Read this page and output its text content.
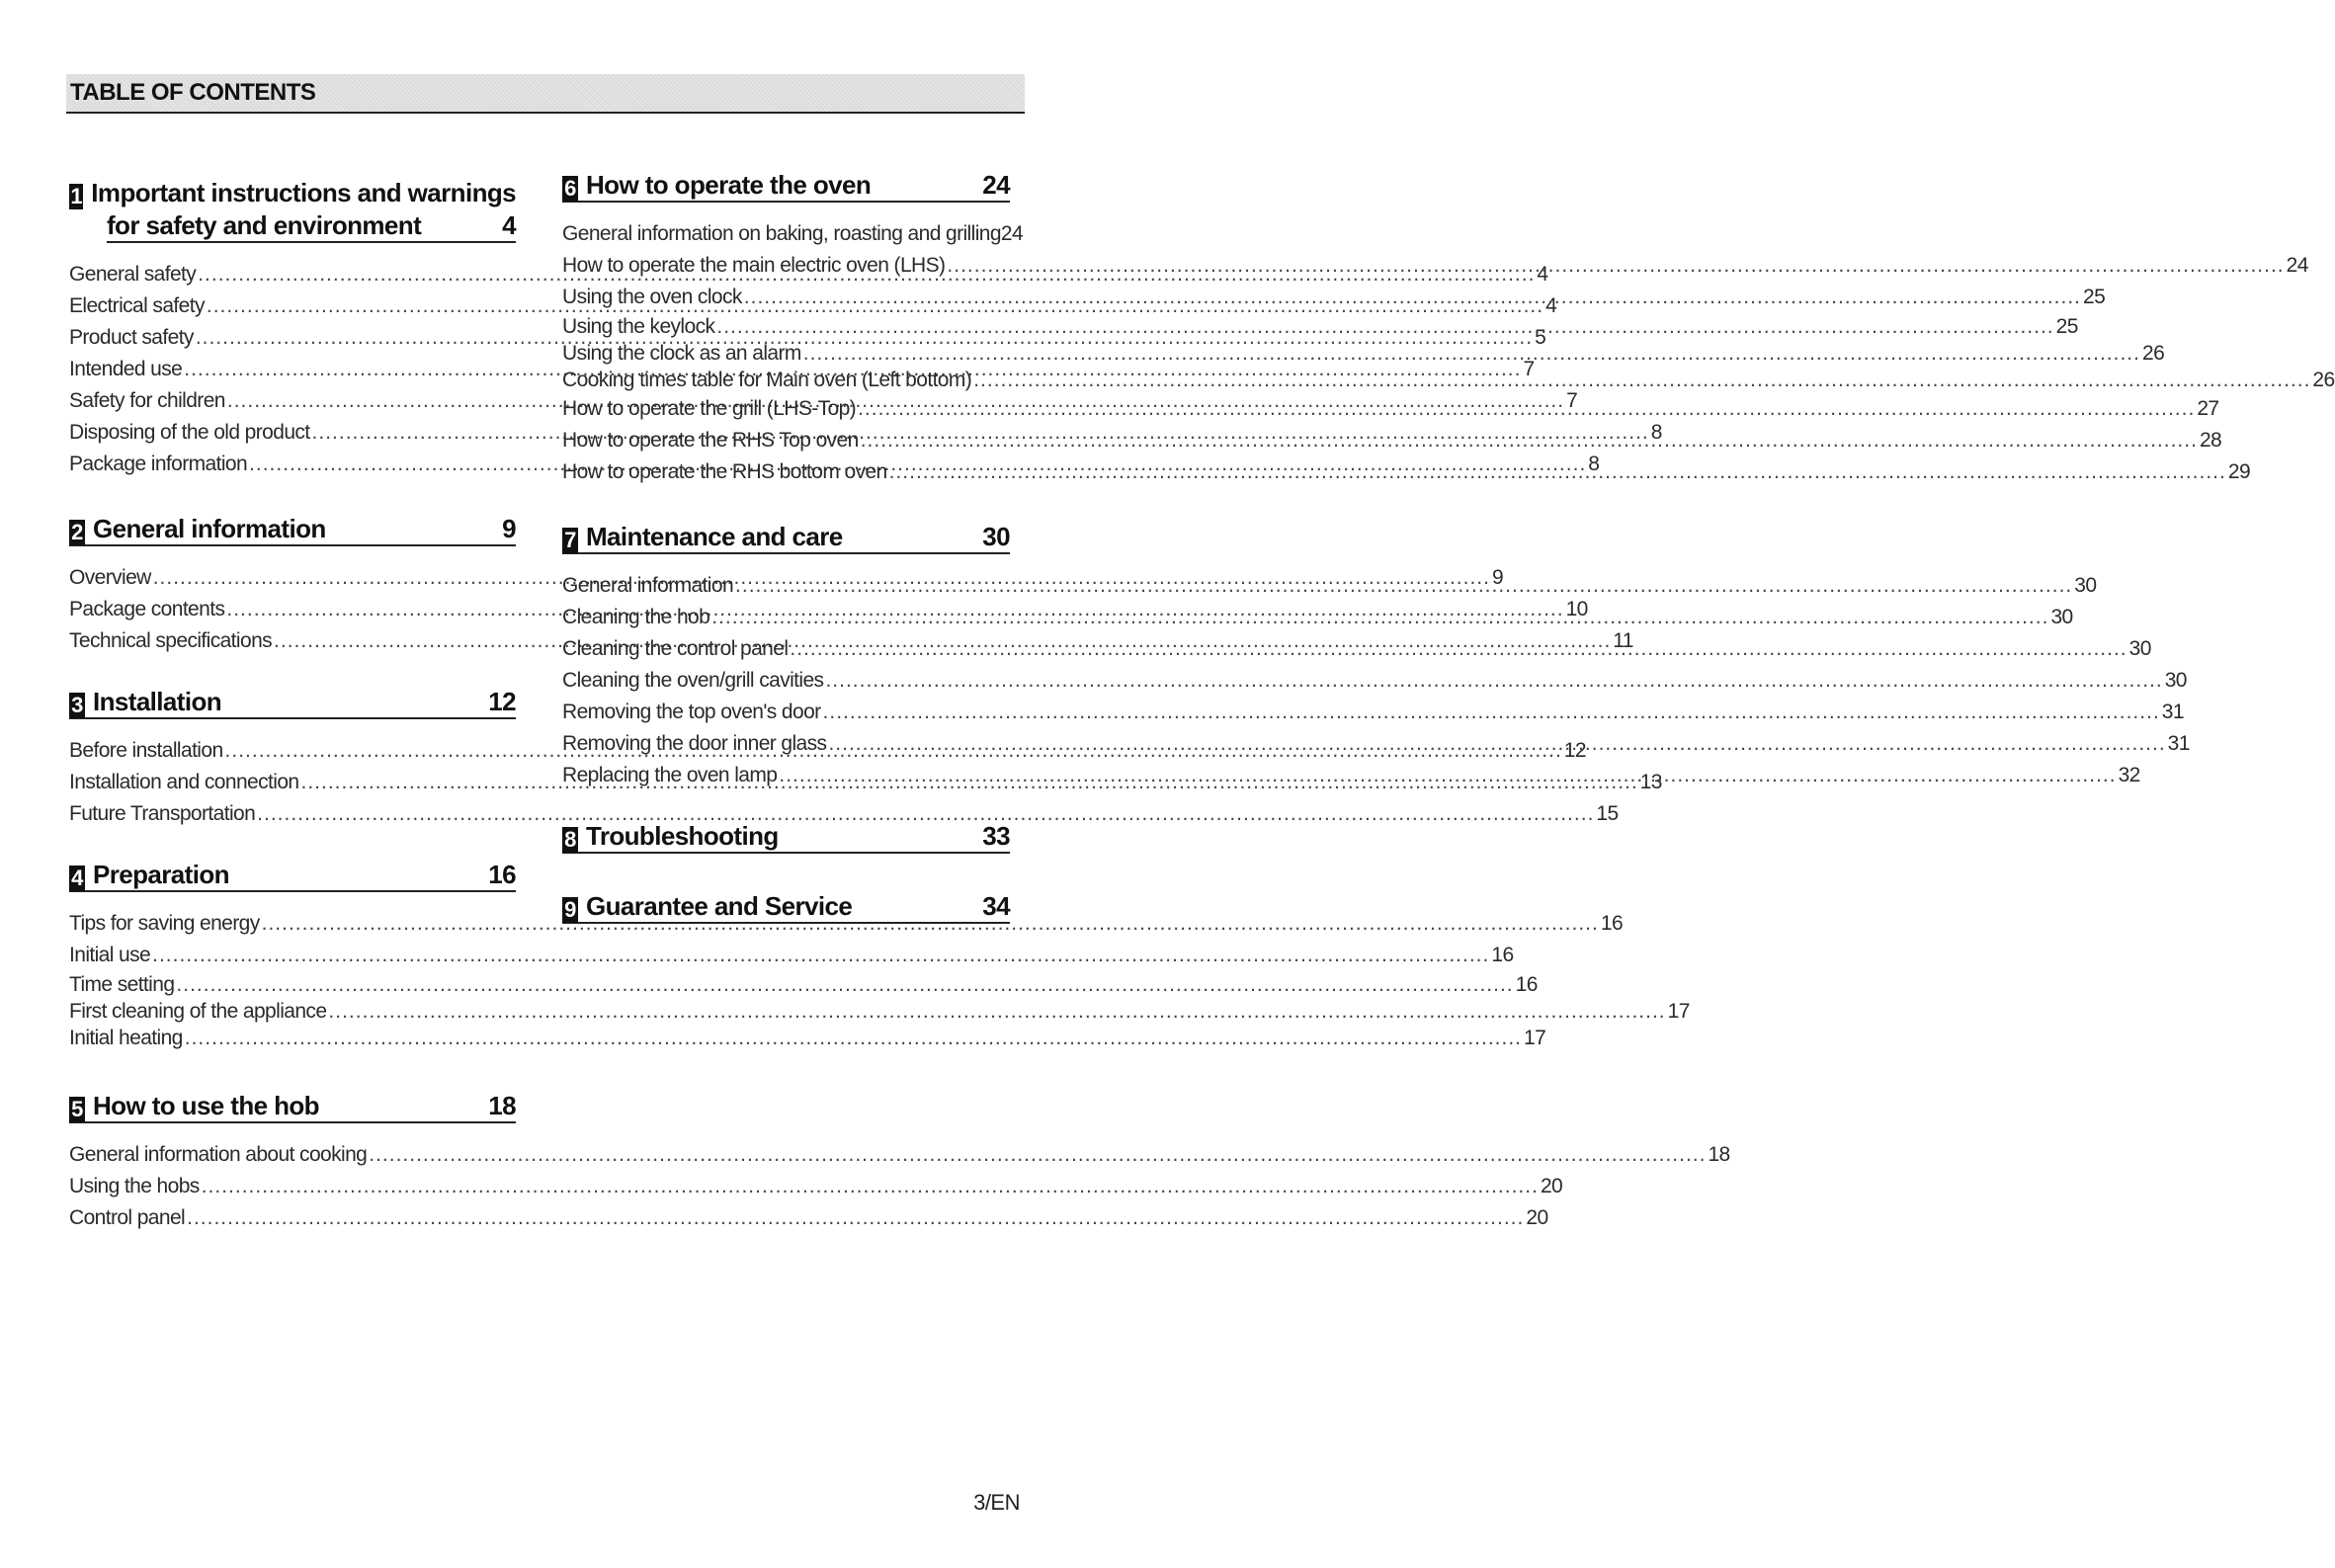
TABLE OF CONTENTS
1 Important instructions and warnings
for safety and environment	4
General safety .....	4
Electrical safety .....	4
Product safety .....	5
Intended use .....	7
Safety for children .....	7
Disposing of the old product .....	8
Package information .....	8
2 General information	9
Overview .....	9
Package contents .....	10
Technical specifications .....	11
3 Installation	12
Before installation .....	12
Installation and connection .....	13
Future Transportation .....	15
4 Preparation	16
Tips for saving energy .....	16
Initial use .....	16
Time setting .....	16
First cleaning of the appliance .....	17
Initial heating .....	17
5 How to use the hob	18
General information about cooking .....	18
Using the hobs .....	20
Control panel .....	20
6 How to operate the oven	24
General information on baking, roasting and grilling 24
How to operate the main electric oven (LHS) .....	24
Using the oven clock .....	25
Using the keylock .....	25
Using the clock as an alarm .....	26
Cooking times table for Main oven (Left bottom) .....	26
How to operate the grill (LHS-Top) .....	27
How to operate the RHS Top oven .....	28
How to operate the RHS bottom oven .....	29
7 Maintenance and care	30
General information .....	30
Cleaning the hob .....	30
Cleaning the control panel .....	30
Cleaning the oven/grill cavities .....	30
Removing the top oven's door .....	31
Removing the door inner glass .....	31
Replacing the oven lamp .....	32
8 Troubleshooting	33
9 Guarantee and Service	34
3/EN
